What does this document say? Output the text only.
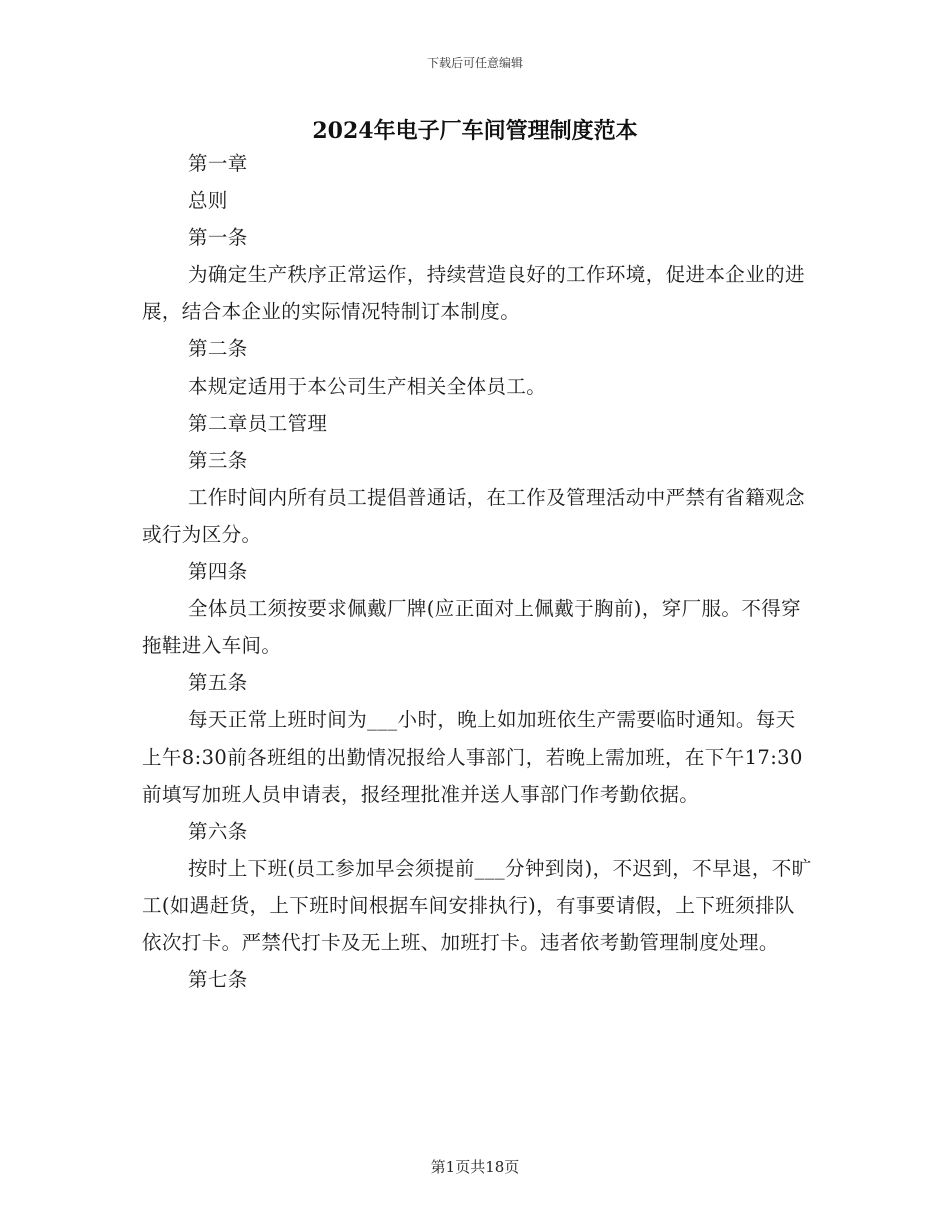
下载后可任意编辑
2024年电子厂车间管理制度范本

第一章

总则

第一条

为确定生产秩序正常运作，持续营造良好的工作环境，促进本企业的进展，结合本企业的实际情况特制订本制度。

第二条

本规定适用于本公司生产相关全体员工。

第二章员工管理

第三条

工作时间内所有员工提倡普通话，在工作及管理活动中严禁有省籍观念或行为区分。

第四条

全体员工须按要求佩戴厂牌(应正面对上佩戴于胸前)，穿厂服。不得穿拖鞋进入车间。

第五条

每天正常上班时间为___小时，晚上如加班依生产需要临时通知。每天上午8:30前各班组的出勤情况报给人事部门，若晚上需加班，在下午17:30前填写加班人员申请表，报经理批准并送人事部门作考勤依据。

第六条

按时上下班(员工参加早会须提前___分钟到岗)，不迟到，不早退，不旷工(如遇赶货，上下班时间根据车间安排执行)，有事要请假，上下班须排队依次打卡。严禁代打卡及无上班、加班打卡。违者依考勤管理制度处理。

第七条

第1页共18页
